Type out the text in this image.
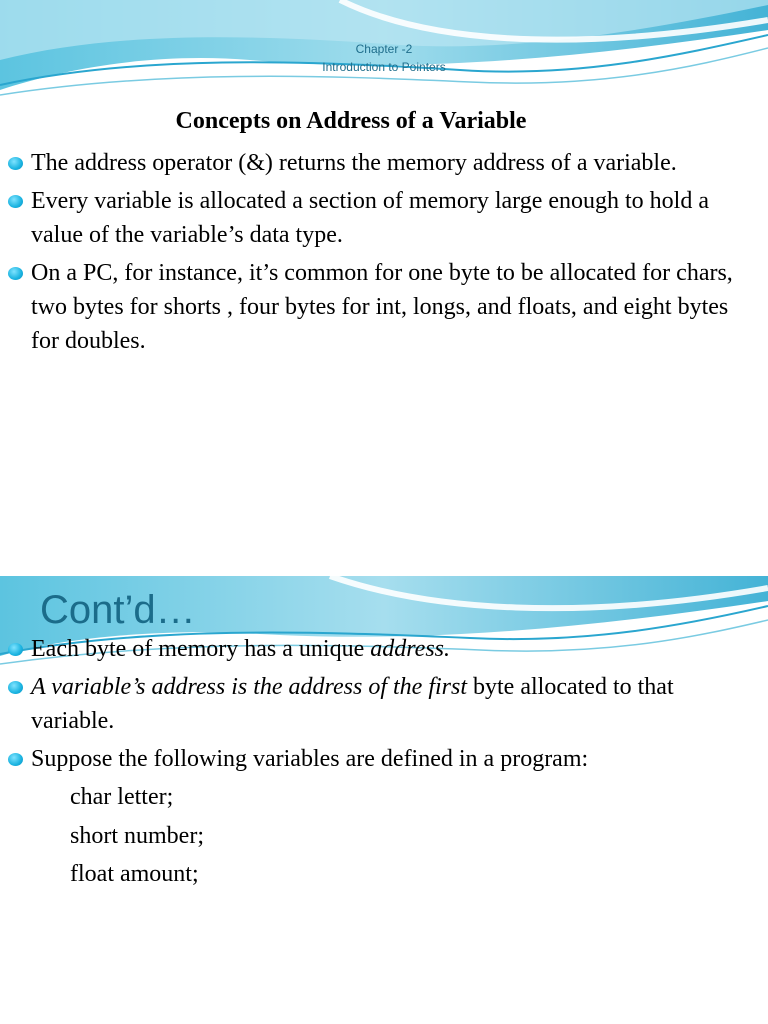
Chapter -2
Introduction to Pointers
Concepts on Address of a Variable
The address operator (&) returns the memory address of a variable.
Every variable is allocated a section of memory large enough to hold a value of the variable’s data type.
On a PC, for instance, it’s common for one byte to be allocated for chars, two bytes for shorts , four bytes for int, longs, and floats, and eight bytes for doubles.
Cont’d…
Each byte of memory has a unique address.
A variable’s address is the address of the first byte allocated to that variable.
Suppose the following variables are defined in a program:
char letter;
short number;
float amount;
